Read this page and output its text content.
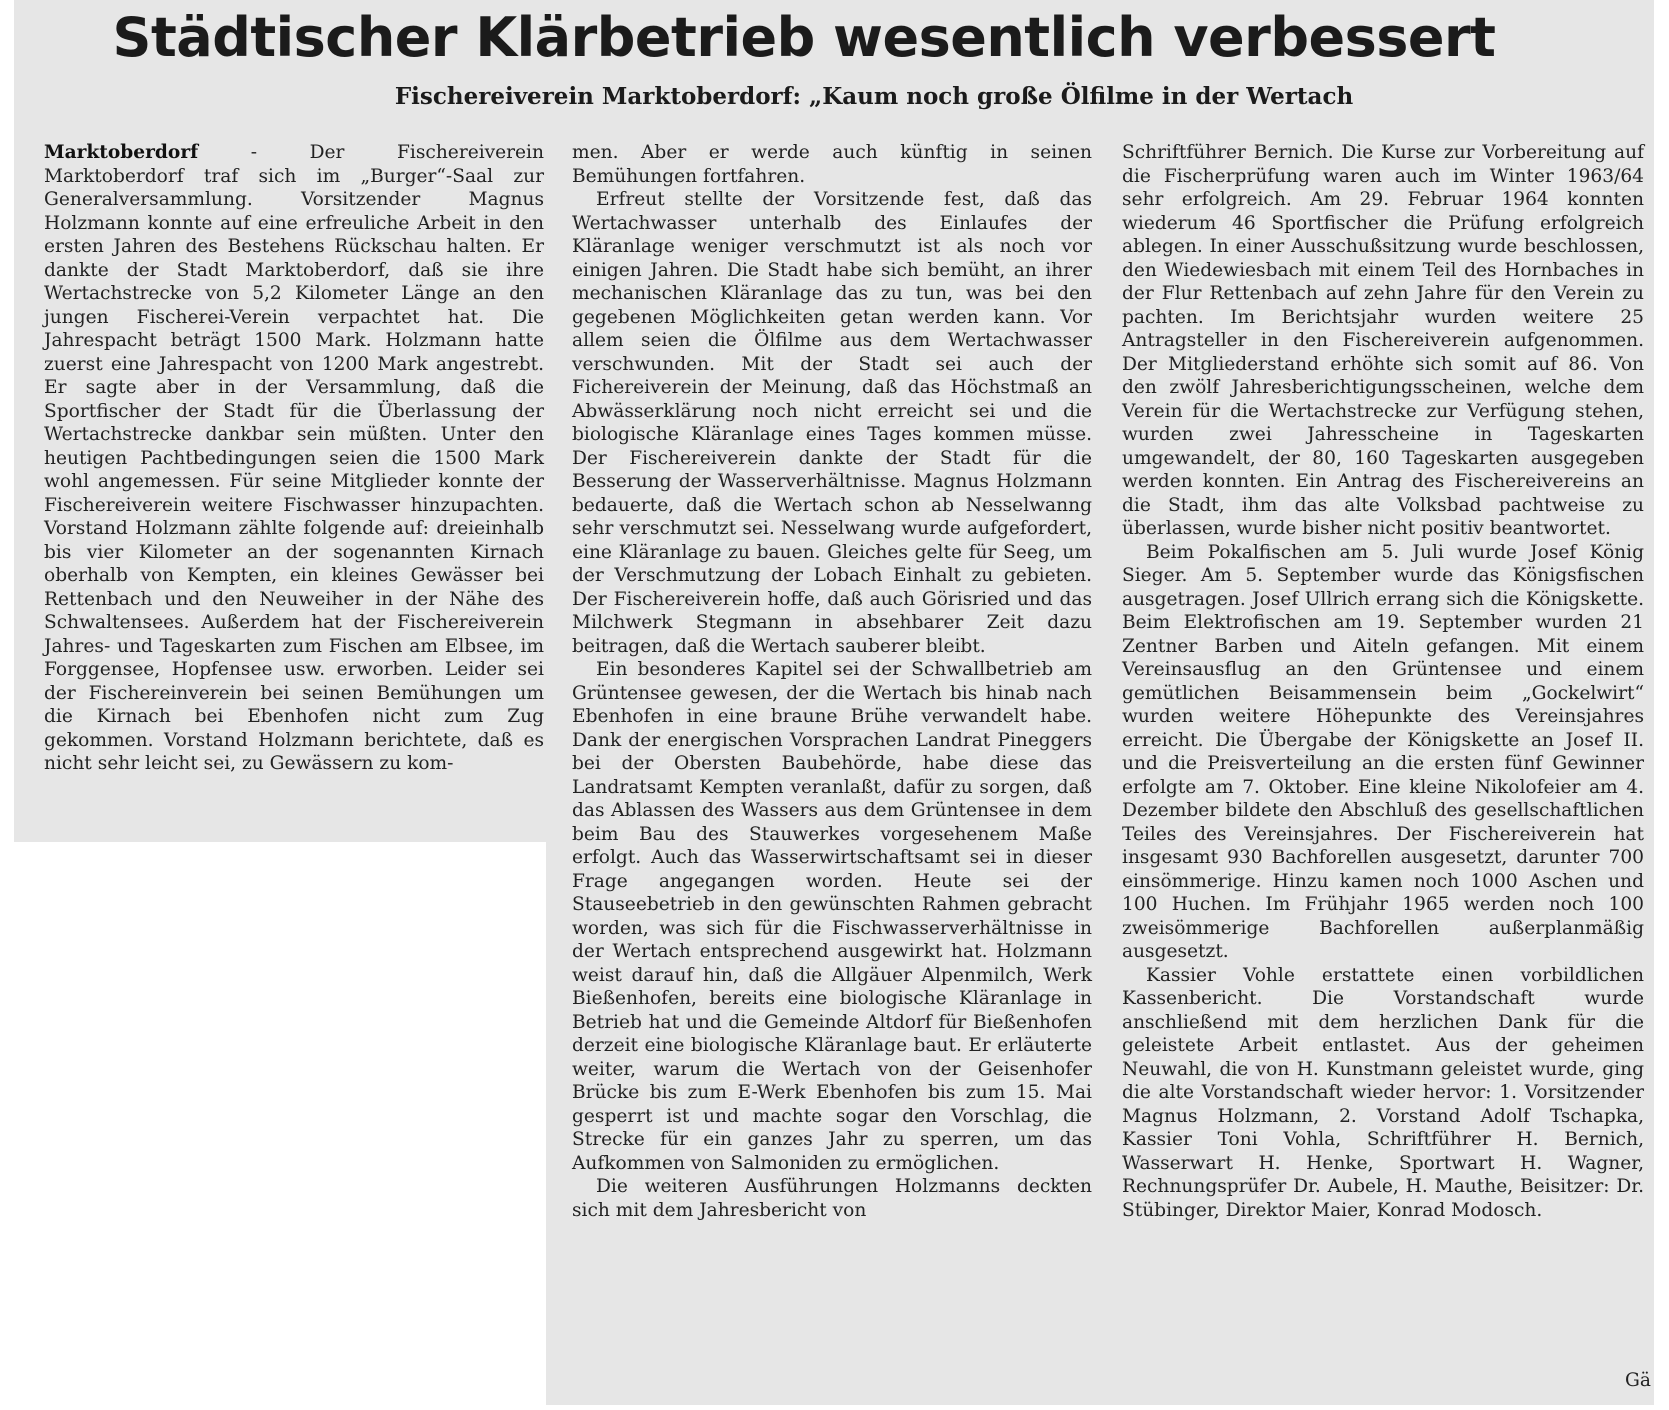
Städtischer Klärbetrieb wesentlich verbessert
Fischereiverein Marktoberdorf: „Kaum noch große Ölfilme in der Wertach

Marktoberdorf	- Der Fischereiverein Marktoberdorf traf sich im „Burger“-Saal zur Generalversammlung. Vorsitzender Magnus Holzmann konnte auf eine erfreuliche Arbeit in den ersten Jahren des Bestehens Rückschau halten. Er dankte der Stadt Marktoberdorf, daß sie ihre Wertachstrecke von 5,2 Kilometer Länge an den jungen Fischerei-Verein verpachtet hat. Die Jahrespacht beträgt 1500 Mark. Holzmann hatte zuerst eine Jahrespacht von 1200 Mark angestrebt. Er sagte aber in der Versammlung, daß die Sportfischer der Stadt für die Überlassung der Wertachstrecke dankbar sein müßten. Unter den heutigen Pachtbedingungen seien die 1500 Mark wohl angemessen. Für seine Mitglieder konnte der Fischereiverein weitere Fischwasser hinzupachten. Vorstand Holzmann zählte folgende auf: dreieinhalb bis vier Kilometer an der sogenannten Kirnach oberhalb von Kempten, ein kleines Gewässer bei Rettenbach und den Neuweiher in der Nähe des Schwaltensees. Außerdem hat der Fischereiverein Jahres- und Tageskarten zum Fischen am Elbsee, im Forggensee, Hopfensee usw. erworben. Leider sei der Fischereinverein bei seinen Bemühungen um die Kirnach bei Ebenhofen nicht zum Zug gekommen. Vorstand Holzmann berichtete, daß es nicht sehr leicht sei, zu Gewässern zu kom-

men. Aber er werde auch künftig in seinen Bemühungen fortfahren.

Erfreut stellte der Vorsitzende fest, daß das Wertachwasser unterhalb des Einlaufes der Kläranlage weniger verschmutzt ist als noch vor einigen Jahren. Die Stadt habe sich bemüht, an ihrer mechanischen Kläranlage das zu tun, was bei den gegebenen Möglichkeiten getan werden kann. Vor allem seien die Ölfilme aus dem Wertachwasser verschwunden. Mit der Stadt sei auch der Fichereiverein der Meinung, daß das Höchstmaß an Abwässerklärung noch nicht erreicht sei und die biologische Kläranlage eines Tages kommen müsse. Der Fischereiverein dankte der Stadt für die Besserung der Wasserverhältnisse. Magnus Holzmann bedauerte, daß die Wertach schon ab Nesselwanng sehr verschmutzt sei. Nesselwang wurde aufgefordert, eine Kläranlage zu bauen. Gleiches gelte für Seeg, um der Verschmutzung der Lobach Einhalt zu gebieten. Der Fischereiverein hoffe, daß auch Görisried und das Milchwerk Stegmann in absehbarer Zeit dazu beitragen, daß die Wertach sauberer bleibt.

Ein besonderes Kapitel sei der Schwallbetrieb am Grüntensee gewesen, der die Wertach bis hinab nach Ebenhofen in eine braune Brühe verwandelt habe. Dank der energischen Vorsprachen Landrat Pineggers bei der Obersten Baubehörde, habe diese das Landratsamt Kempten veranlaßt, dafür zu sorgen, daß das Ablassen des Wassers aus dem Grüntensee in dem beim Bau des Stauwerkes vorgesehenem Maße erfolgt. Auch das Wasserwirtschaftsamt sei in dieser Frage angegangen worden. Heute sei der Stauseebetrieb in den gewünschten Rahmen gebracht worden, was sich für die Fischwasserverhältnisse in der Wertach entsprechend ausgewirkt hat. Holzmann weist darauf hin, daß die Allgäuer Alpenmilch, Werk Bießenhofen, bereits eine biologische Kläranlage in Betrieb hat und die Gemeinde Altdorf für Bießenhofen derzeit eine biologische Kläranlage baut. Er erläuterte weiter, warum die Wertach von der Geisenhofer Brücke bis zum E-Werk Ebenhofen bis zum 15. Mai gesperrt ist und machte sogar den Vorschlag, die Strecke für ein ganzes Jahr zu sperren, um das Aufkommen von Salmoniden zu ermöglichen.

Die weiteren Ausführungen Holzmanns deckten sich mit dem Jahresbericht von

Schriftführer Bernich. Die Kurse zur Vorbereitung auf die Fischerprüfung waren auch im Winter 1963/64 sehr erfolgreich. Am 29. Februar 1964 konnten wiederum 46 Sportfischer die Prüfung erfolgreich ablegen. In einer Ausschußsitzung wurde beschlossen, den Wiedewiesbach mit einem Teil des Hornbaches in der Flur Rettenbach auf zehn Jahre für den Verein zu pachten. Im Berichtsjahr wurden weitere 25 Antragsteller in den Fischereiverein aufgenommen. Der Mitgliederstand erhöhte sich somit auf 86. Von den zwölf Jahresberichtigungsscheinen, welche dem Verein für die Wertachstrecke zur Verfügung stehen, wurden zwei Jahresscheine in Tageskarten umgewandelt, der 80, 160 Tageskarten ausgegeben werden konnten. Ein Antrag des Fischereivereins an die Stadt, ihm das alte Volksbad pachtweise zu überlassen, wurde bisher nicht positiv beantwortet.

Beim Pokalfischen am 5. Juli wurde Josef König Sieger. Am 5. September wurde das Königsfischen ausgetragen. Josef Ullrich errang sich die Königskette. Beim Elektrofischen am 19. September wurden 21 Zentner Barben und Aiteln gefangen. Mit einem Vereinsausflug an den Grüntensee und einem gemütlichen Beisammensein beim „Gockelwirt“ wurden weitere Höhepunkte des Vereinsjahres erreicht. Die Übergabe der Königskette an Josef II. und die Preisverteilung an die ersten fünf Gewinner erfolgte am 7. Oktober. Eine kleine Nikolofeier am 4. Dezember bildete den Abschluß des gesellschaftlichen Teiles des Vereinsjahres. Der Fischereiverein hat insgesamt 930 Bachforellen ausgesetzt, darunter 700 einsömmerige. Hinzu kamen noch 1000 Aschen und 100 Huchen. Im Frühjahr 1965 werden noch 100 zweisömmerige Bachforellen außerplanmäßig ausgesetzt.

Kassier Vohle erstattete einen vorbildlichen Kassenbericht. Die Vorstandschaft wurde anschließend mit dem herzlichen Dank für die geleistete Arbeit entlastet. Aus der geheimen Neuwahl, die von H. Kunstmann geleistet wurde, ging die alte Vorstandschaft wieder hervor: 1. Vorsitzender Magnus Holzmann, 2. Vorstand Adolf Tschapka, Kassier Toni Vohla, Schriftführer H. Bernich, Wasserwart H. Henke, Sportwart H. Wagner, Rechnungsprüfer Dr. Aubele, H. Mauthe, Beisitzer: Dr. Stübinger, Direktor Maier, Konrad Modosch.

Gä
